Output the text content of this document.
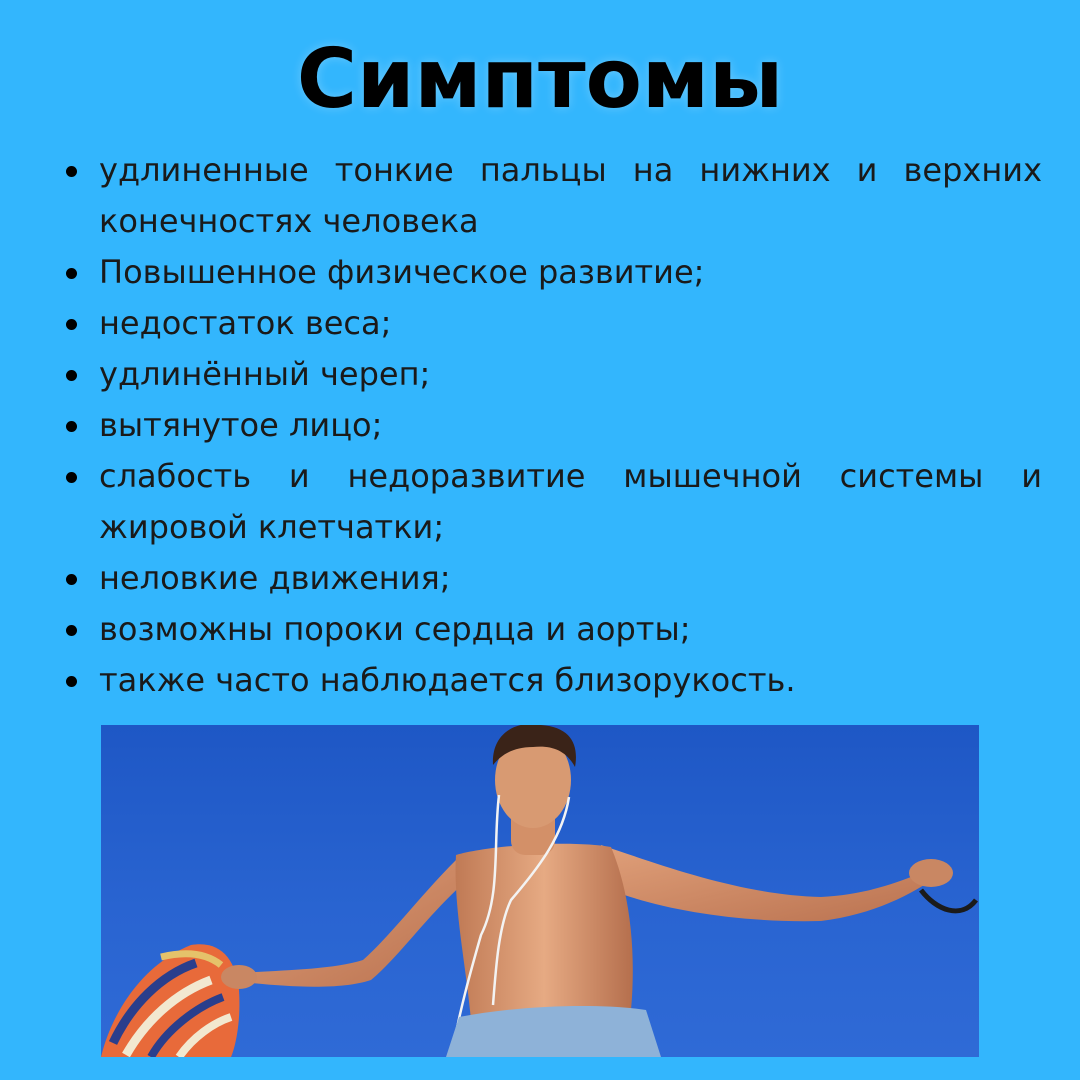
Симптомы
удлиненные тонкие пальцы на нижних и верхних конечностях человека
Повышенное физическое развитие;
недостаток веса;
удлинённый череп;
вытянутое лицо;
слабость и недоразвитие мышечной системы и жировой клетчатки;
неловкие движения;
возможны пороки сердца и аорты;
также часто наблюдается близорукость.
